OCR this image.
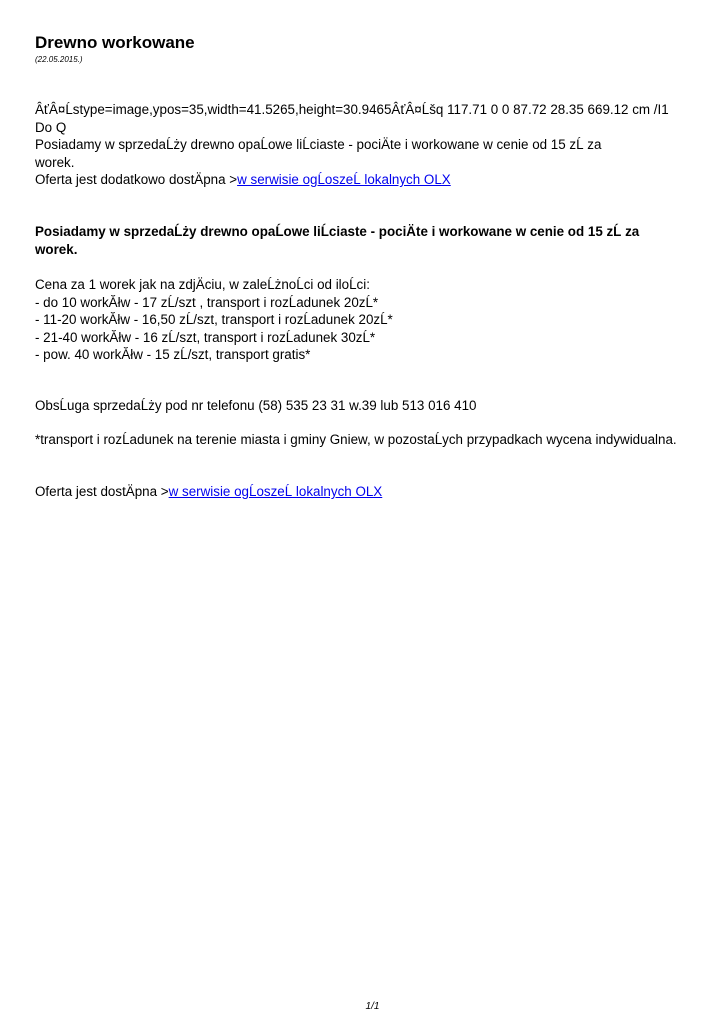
Drewno workowane
(22.05.2015.)

ÂťÂ¤Ĺstype=image,ypos=35,width=41.5265,height=30.9465ÂťÂ¤Ĺšq 117.71 0 0 87.72 28.35 669.12 cm /I1

Do Q

Posiadamy w sprzedaĹży drewno opaĹowe liĹciaste - pociÄte i workowane w cenie od 15 zĹ za

worek.

Oferta jest dodatkowo dostÄpna >w serwisie ogĹoszeĹ lokalnych OLX

Posiadamy w sprzedaĹży drewno opaĹowe liĹciaste - pociÄte i workowane w cenie od 15 zĹ za worek.

Cena za 1 worek jak na zdjÄciu, w zaleĹżnoĹci od iloĹci:

- do 10 workĂłw - 17 zĹ/szt , transport i rozĹadunek 20zĹ*

- 11-20 workĂłw - 16,50 zĹ/szt, transport i rozĹadunek 20zĹ*

- 21-40 workĂłw - 16 zĹ/szt, transport i rozĹadunek 30zĹ*

- pow. 40 workĂłw - 15 zĹ/szt, transport gratis*

ObsĹuga sprzedaĹży pod nr telefonu (58) 535 23 31 w.39 lub 513 016 410

*transport i rozĹadunek na terenie miasta i gminy Gniew, w pozostaĹych przypadkach wycena indywidualna.

Oferta jest dostÄpna >w serwisie ogĹoszeĹ lokalnych OLX

1/1
